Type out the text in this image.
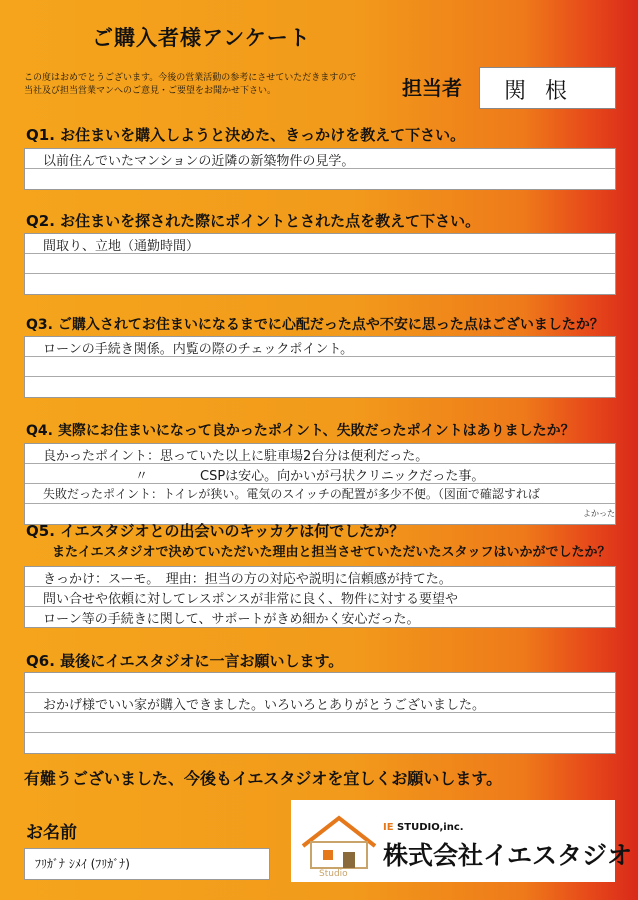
ご購入者様アンケート
この度はおめでとうございます。今後の営業活動の参考にさせていただきますので
当社及び担当営業マンへのご意見・ご要望をお聞かせ下さい。	担当者 関 根
Q1. お住まいを購入しようと決めた、きっかけを教えて下さい。
以前住んでいたマンションの近隣の新築物件の見学。
Q2. お住まいを探された際にポイントとされた点を教えて下さい。
間取り、立地（通勤時間）
Q3. ご購入されてお住まいになるまでに心配だった点や不安に思った点はございましたか？
ローンの手続き関係。内覧の際のチェックポイント。
Q4. 実際にお住まいになって良かったポイント、失敗だったポイントはありましたか？
良かったポイント：思っていた以上に駐車場2台分は便利だった。
〃　　　　CSPは安心。向かいが弓状クリニックだった事。
失敗だったポイント：トイレが狭い。電気のスイッチの配置が多少不便。（図面で確認すれば
よかった
Q5. イエスタジオとの出会いのキッカケは何でしたか？
またイエスタジオで決めていただいた理由と担当させていただいたスタッフはいかがでしたか？
きっかけ：スーモ。　理由：担当の方の対応や説明に信頼感が持てた。
問い合せや依頼に対してレスポンスが非常に良く、物件に対する要望や
ローン等の手続きに関して、サポートがきめ細かく安心だった。
Q6. 最後にイエスタジオに一言お願いします。
おかげ様でいい家が購入できました。いろいろとありがとうございました。
有難うございました、今後もイエスタジオを宜しくお願いします。
お名前
ﾌﾘｶﾞﾅ ｼﾒｲ (ﾌﾘｶﾞﾅ)
Studio
IE STUDIO,inc.
株式会社イエスタジオ
